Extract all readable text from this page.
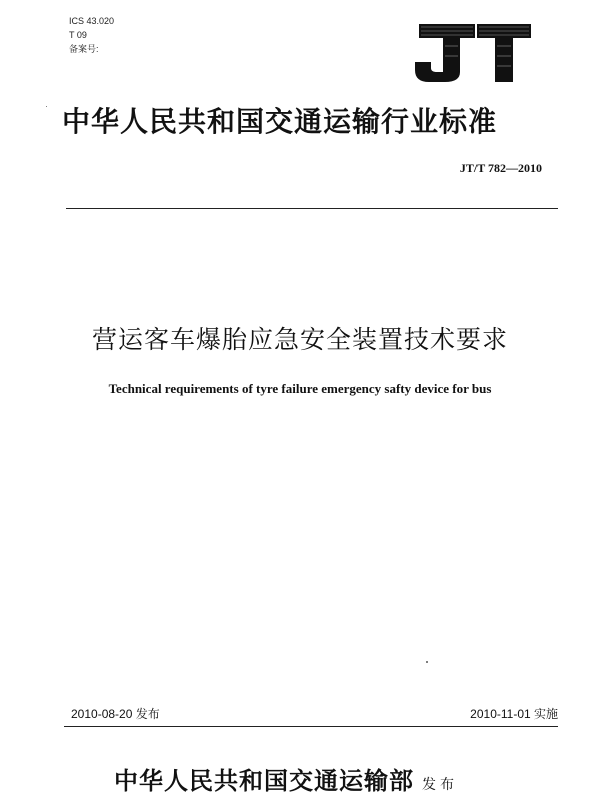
ICS 43.020
T 09
备案号:
中华人民共和国交通运输行业标准
JT/T 782—2010
营运客车爆胎应急安全装置技术要求
Technical requirements of tyre failure emergency safty device for bus
2010-08-20 发布	2010-11-01 实施
中华人民共和国交通运输部 发布
